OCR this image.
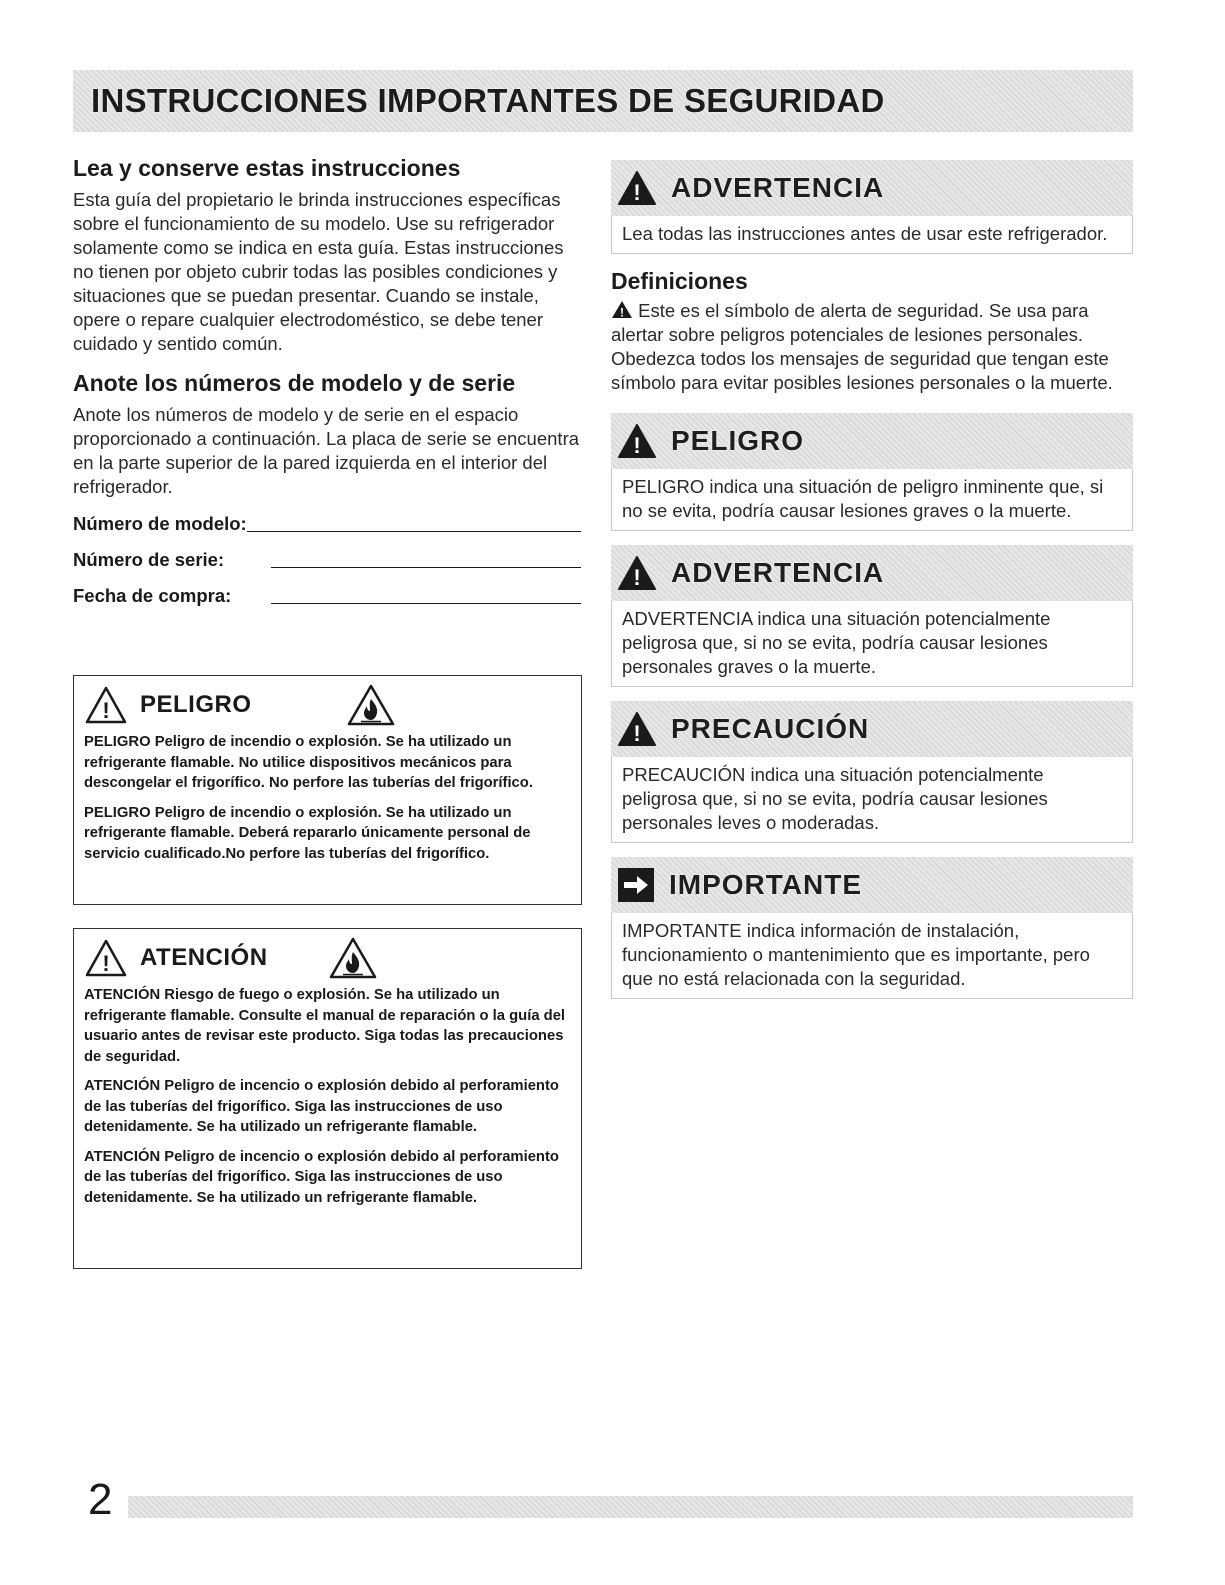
INSTRUCCIONES IMPORTANTES DE SEGURIDAD
Lea y conserve estas instrucciones

Esta guía del propietario le brinda instrucciones específicas sobre el funcionamiento de su modelo. Use su refrigerador solamente como se indica en esta guía. Estas instrucciones no tienen por objeto cubrir todas las posibles condiciones y situaciones que se puedan presentar. Cuando se instale, opere o repare cualquier electrodoméstico, se debe tener cuidado y sentido común.

Anote los números de modelo y de serie

Anote los números de modelo y de serie en el espacio proporcionado a continuación. La placa de serie se encuentra en la parte superior de la pared izquierda en el interior del refrigerador.

Número de modelo:
Número de serie:
Fecha de compra:
! PELIGRO

PELIGRO Peligro de incendio o explosión. Se ha utilizado un refrigerante flamable. No utilice dispositivos mecánicos para descongelar el frigorífico. No perfore las tuberías del frigorífico.

PELIGRO Peligro de incendio o explosión. Se ha utilizado un refrigerante flamable. Deberá repararlo únicamente personal de servicio cualificado.No perfore las tuberías del frigorífico.

! ATENCIÓN

ATENCIÓN Riesgo de fuego o explosión. Se ha utilizado un refrigerante flamable. Consulte el manual de reparación o la guía del usuario antes de revisar este producto. Siga todas las precauciones de seguridad.

ATENCIÓN Peligro de incencio o explosión debido al perforamiento de las tuberías del frigorífico. Siga las instrucciones de uso detenidamente. Se ha utilizado un refrigerante flamable.

ATENCIÓN Peligro de incencio o explosión debido al perforamiento de las tuberías del frigorífico. Siga las instrucciones de uso detenidamente. Se ha utilizado un refrigerante flamable.

! ADVERTENCIA
Lea todas las instrucciones antes de usar este refrigerador.
Definiciones

! Este es el símbolo de alerta de seguridad. Se usa para alertar sobre peligros potenciales de lesiones personales. Obedezca todos los mensajes de seguridad que tengan este símbolo para evitar posibles lesiones personales o la muerte.

! PELIGRO
PELIGRO indica una situación de peligro inminente que, si no se evita, podría causar lesiones graves o la muerte.
! ADVERTENCIA
ADVERTENCIA indica una situación potencialmente peligrosa que, si no se evita, podría causar lesiones personales graves o la muerte.
! PRECAUCIÓN
PRECAUCIÓN indica una situación potencialmente peligrosa que, si no se evita, podría causar lesiones personales leves o moderadas.
IMPORTANTE
IMPORTANTE indica información de instalación, funcionamiento o mantenimiento que es importante, pero que no está relacionada con la seguridad.
2
